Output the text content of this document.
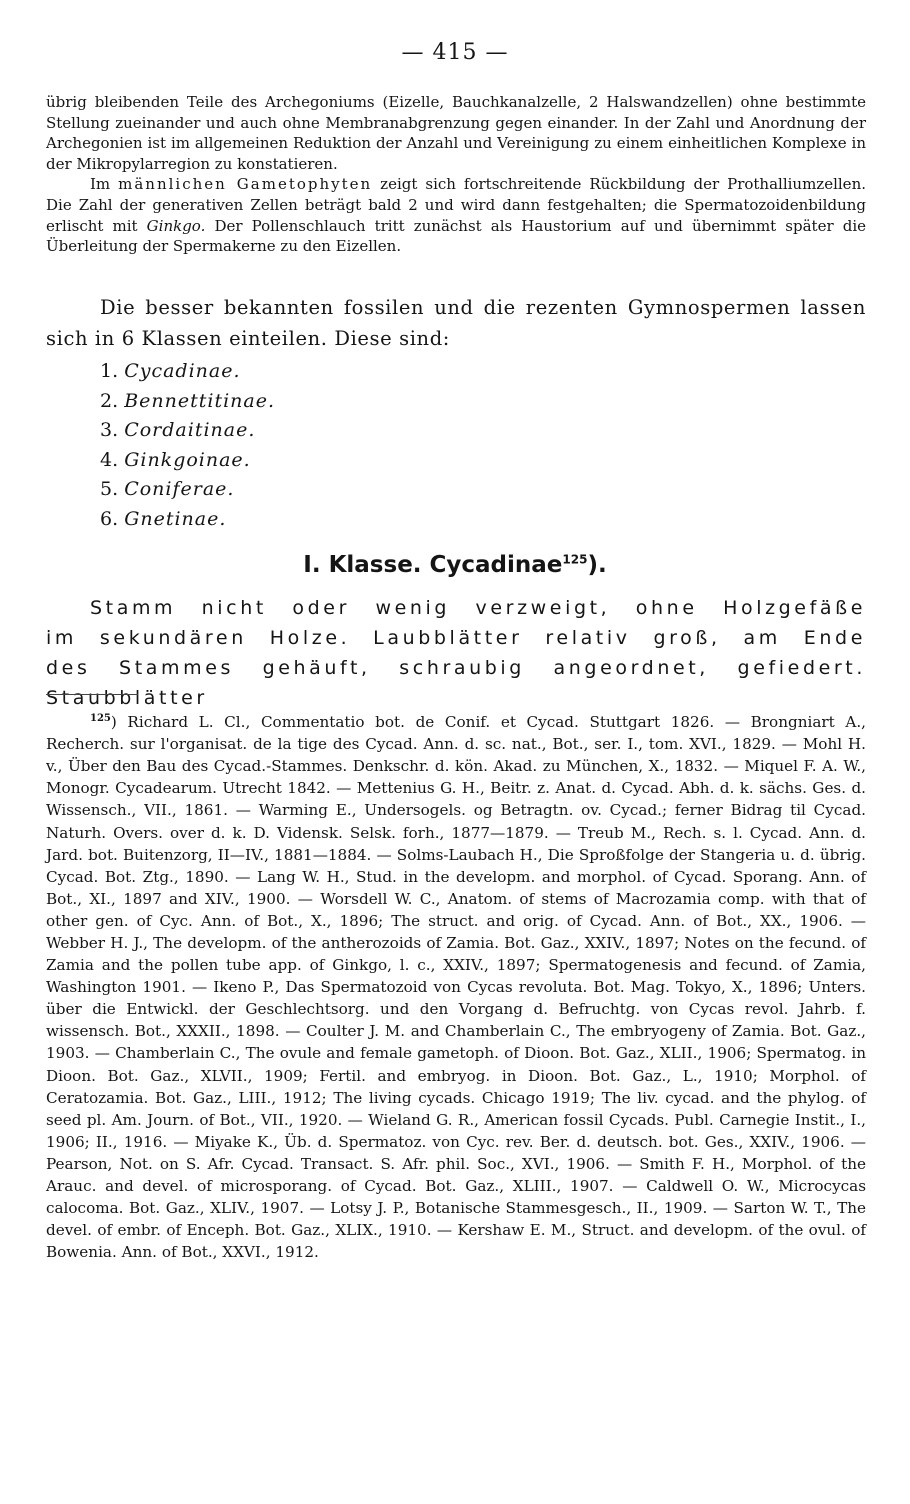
— 415 —

übrig bleibenden Teile des Archegoniums (Eizelle, Bauchkanalzelle, 2 Halswandzellen) ohne bestimmte Stellung zueinander und auch ohne Membranabgrenzung gegen einander. In der Zahl und Anordnung der Archegonien ist im allgemeinen Reduktion der Anzahl und Vereinigung zu einem einheitlichen Komplexe in der Mikropylarregion zu konstatieren.

Im männlichen Gametophyten zeigt sich fortschreitende Rückbildung der Prothalliumzellen. Die Zahl der generativen Zellen beträgt bald 2 und wird dann festgehalten; die Spermatozoidenbildung erlischt mit Ginkgo. Der Pollenschlauch tritt zunächst als Haustorium auf und übernimmt später die Überleitung der Spermakerne zu den Eizellen.

Die besser bekannten fossilen und die rezenten Gymnospermen lassen sich in 6 Klassen einteilen. Diese sind:
1. Cycadinae.
2. Bennettitinae.
3. Cordaitinae.
4. Ginkgoinae.
5. Coniferae.
6. Gnetinae.
I. Klasse. Cycadinae$^{125}$).
Stamm nicht oder wenig verzweigt, ohne Holzgefäße im sekundären Holze. Laubblätter relativ groß, am Ende des Stammes gehäuft, schraubig angeordnet, gefiedert. Staubblätter

$^{125}$) Richard L. Cl., Commentatio bot. de Conif. et Cycad. Stuttgart 1826. — Brongniart A., Recherch. sur l'organisat. de la tige des Cycad. Ann. d. sc. nat., Bot., ser. I., tom. XVI., 1829. — Mohl H. v., Über den Bau des Cycad.-Stammes. Denkschr. d. kön. Akad. zu München, X., 1832. — Miquel F. A. W., Monogr. Cycadearum. Utrecht 1842. — Mettenius G. H., Beitr. z. Anat. d. Cycad. Abh. d. k. sächs. Ges. d. Wissensch., VII., 1861. — Warming E., Undersogels. og Betragtn. ov. Cycad.; ferner Bidrag til Cycad. Naturh. Overs. over d. k. D. Vidensk. Selsk. forh., 1877—1879. — Treub M., Rech. s. l. Cycad. Ann. d. Jard. bot. Buitenzorg, II—IV., 1881—1884. — Solms-Laubach H., Die Sproßfolge der Stangeria u. d. übrig. Cycad. Bot. Ztg., 1890. — Lang W. H., Stud. in the developm. and morphol. of Cycad. Sporang. Ann. of Bot., XI., 1897 and XIV., 1900. — Worsdell W. C., Anatom. of stems of Macrozamia comp. with that of other gen. of Cyc. Ann. of Bot., X., 1896; The struct. and orig. of Cycad. Ann. of Bot., XX., 1906. — Webber H. J., The developm. of the antherozoids of Zamia. Bot. Gaz., XXIV., 1897; Notes on the fecund. of Zamia and the pollen tube app. of Ginkgo, l. c., XXIV., 1897; Spermatogenesis and fecund. of Zamia, Washington 1901. — Ikeno P., Das Spermatozoid von Cycas revoluta. Bot. Mag. Tokyo, X., 1896; Unters. über die Entwickl. der Geschlechtsorg. und den Vorgang d. Befruchtg. von Cycas revol. Jahrb. f. wissensch. Bot., XXXII., 1898. — Coulter J. M. and Chamberlain C., The embryogeny of Zamia. Bot. Gaz., 1903. — Chamberlain C., The ovule and female gametoph. of Dioon. Bot. Gaz., XLII., 1906; Spermatog. in Dioon. Bot. Gaz., XLVII., 1909; Fertil. and embryog. in Dioon. Bot. Gaz., L., 1910; Morphol. of Ceratozamia. Bot. Gaz., LIII., 1912; The living cycads. Chicago 1919; The liv. cycad. and the phylog. of seed pl. Am. Journ. of Bot., VII., 1920. — Wieland G. R., American fossil Cycads. Publ. Carnegie Instit., I., 1906; II., 1916. — Miyake K., Üb. d. Spermatoz. von Cyc. rev. Ber. d. deutsch. bot. Ges., XXIV., 1906. — Pearson, Not. on S. Afr. Cycad. Transact. S. Afr. phil. Soc., XVI., 1906. — Smith F. H., Morphol. of the Arauc. and devel. of microsporang. of Cycad. Bot. Gaz., XLIII., 1907. — Caldwell O. W., Microcycas calocoma. Bot. Gaz., XLIV., 1907. — Lotsy J. P., Botanische Stammesgesch., II., 1909. — Sarton W. T., The devel. of embr. of Enceph. Bot. Gaz., XLIX., 1910. — Kershaw E. M., Struct. and developm. of the ovul. of Bowenia. Ann. of Bot., XXVI., 1912.
